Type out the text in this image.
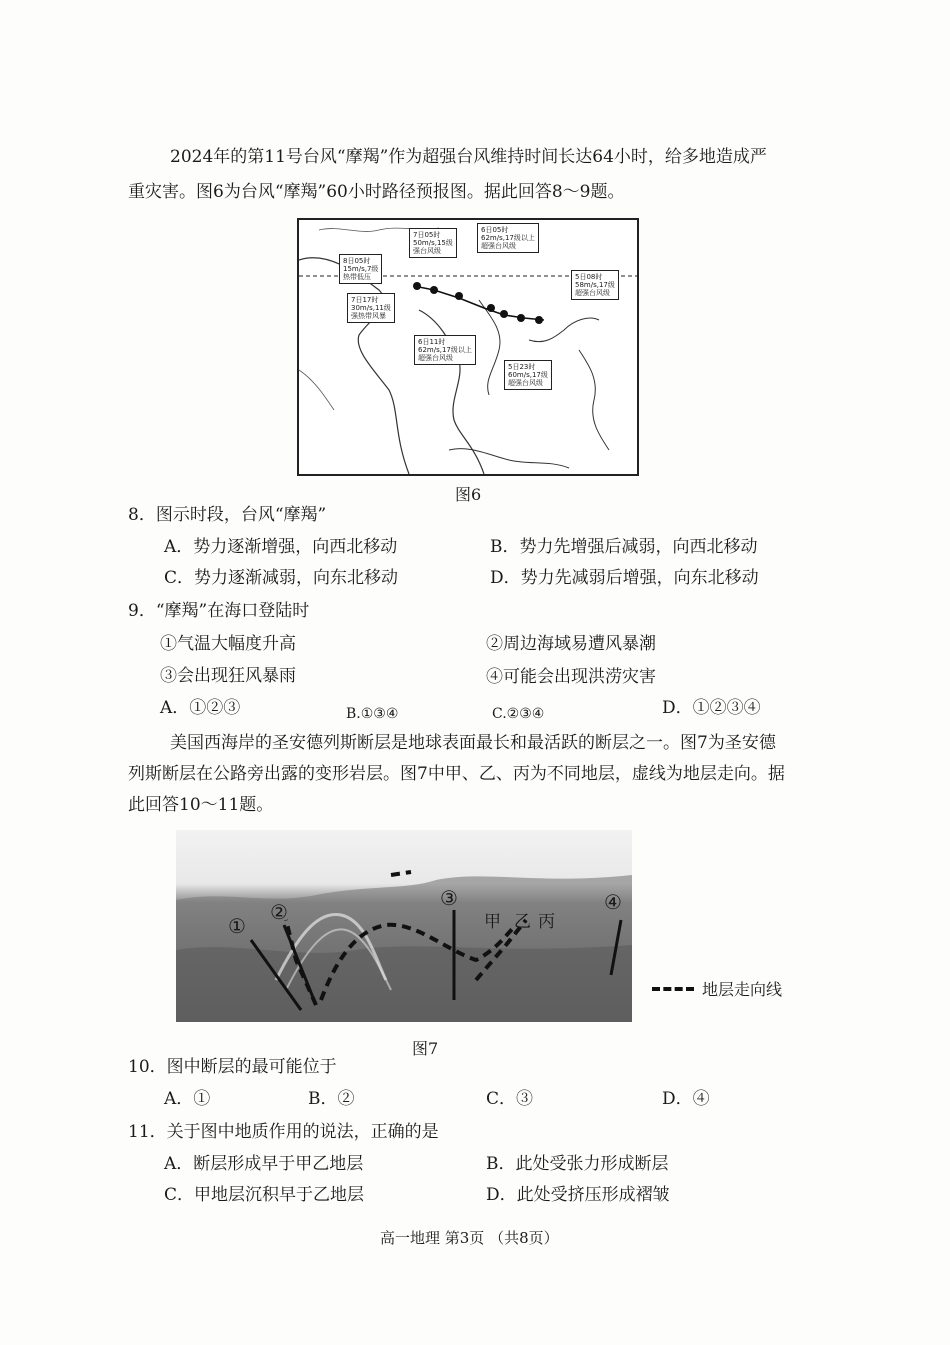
2024年的第11号台风“摩羯”作为超强台风维持时间长达64小时，给多地造成严
重灾害。图6为台风“摩羯”60小时路径预报图。据此回答8～9题。
8日05时
15m/s,7级
热带低压
7日17时
30m/s,11级
强热带风暴
7日05时
50m/s,15级
强台风级
6日05时
62m/s,17级以上
超强台风级
5日08时
58m/s,17级
超强台风级
6日11时
62m/s,17级以上
超强台风级
5日23时
60m/s,17级
超强台风级
图6
8．图示时段，台风“摩羯”
A．势力逐渐增强，向西北移动	B．势力先增强后减弱，向西北移动
C．势力逐渐减弱，向东北移动	D．势力先减弱后增强，向东北移动
9．“摩羯”在海口登陆时
①气温大幅度升高	②周边海域易遭风暴潮
③会出现狂风暴雨	④可能会出现洪涝灾害
A．①②③	B.①③④	C.②③④	D．①②③④
美国西海岸的圣安德列斯断层是地球表面最长和最活跃的断层之一。图7为圣安德
列斯断层在公路旁出露的变形岩层。图7中甲、乙、丙为不同地层，虚线为地层走向。据
此回答10～11题。
①
②
③	④
甲 乙 丙
地层走向线
图7
10．图中断层的最可能位于
A．①	B．②	C．③	D．④
11．关于图中地质作用的说法，正确的是
A．断层形成早于甲乙地层	B．此处受张力形成断层
C．甲地层沉积早于乙地层	D．此处受挤压形成褶皱
高一地理 第3页 （共8页）
